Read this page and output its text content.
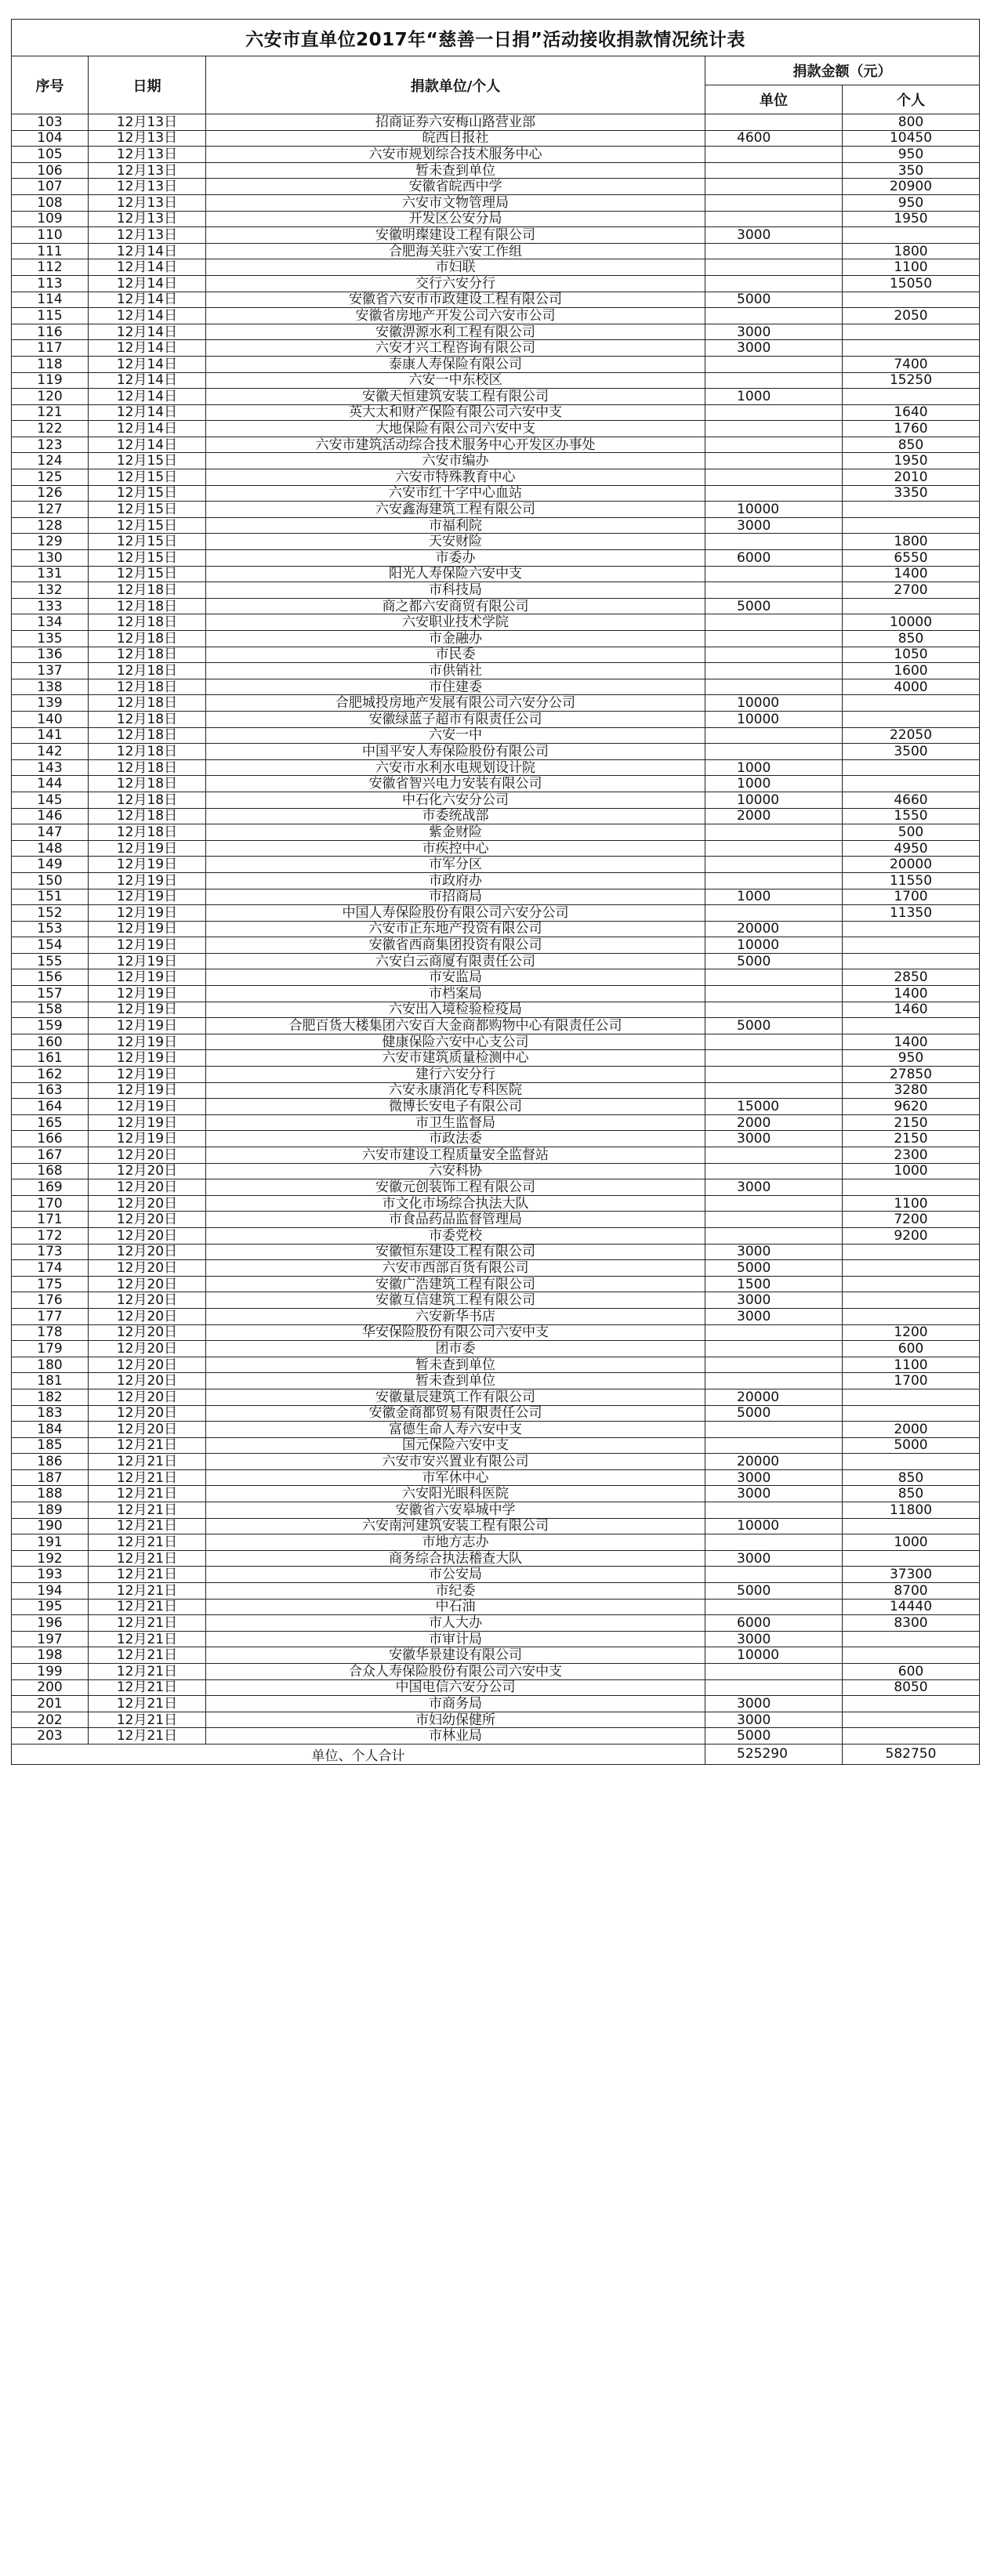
六安市直单位2017年“慈善一日捐”活动接收捐款情况统计表				
序号	日期	捐款单位/个人	捐款金额（元）	
			单位	个人
103	12月13日	招商证券六安梅山路营业部		800
104	12月13日	皖西日报社	4600	10450
105	12月13日	六安市规划综合技术服务中心		950
106	12月13日	暂未查到单位		350
107	12月13日	安徽省皖西中学		20900
108	12月13日	六安市文物管理局		950
109	12月13日	开发区公安分局		1950
110	12月13日	安徽明璨建设工程有限公司	3000	
111	12月14日	合肥海关驻六安工作组		1800
112	12月14日	市妇联		1100
113	12月14日	交行六安分行		15050
114	12月14日	安徽省六安市市政建设工程有限公司	5000	
115	12月14日	安徽省房地产开发公司六安市公司		2050
116	12月14日	安徽淠源水利工程有限公司	3000	
117	12月14日	六安才兴工程咨询有限公司	3000	
118	12月14日	泰康人寿保险有限公司		7400
119	12月14日	六安一中东校区		15250
120	12月14日	安徽天恒建筑安装工程有限公司	1000	
121	12月14日	英大太和财产保险有限公司六安中支		1640
122	12月14日	大地保险有限公司六安中支		1760
123	12月14日	六安市建筑活动综合技术服务中心开发区办事处		850
124	12月15日	六安市编办		1950
125	12月15日	六安市特殊教育中心		2010
126	12月15日	六安市红十字中心血站		3350
127	12月15日	六安鑫海建筑工程有限公司	10000	
128	12月15日	市福利院	3000	
129	12月15日	天安财险		1800
130	12月15日	市委办	6000	6550
131	12月15日	阳光人寿保险六安中支		1400
132	12月18日	市科技局		2700
133	12月18日	商之都六安商贸有限公司	5000	
134	12月18日	六安职业技术学院		10000
135	12月18日	市金融办		850
136	12月18日	市民委		1050
137	12月18日	市供销社		1600
138	12月18日	市住建委		4000
139	12月18日	合肥城投房地产发展有限公司六安分公司	10000	
140	12月18日	安徽绿蓝子超市有限责任公司	10000	
141	12月18日	六安一中		22050
142	12月18日	中国平安人寿保险股份有限公司		3500
143	12月18日	六安市水利水电规划设计院	1000	
144	12月18日	安徽省智兴电力安装有限公司	1000	
145	12月18日	中石化六安分公司	10000	4660
146	12月18日	市委统战部	2000	1550
147	12月18日	紫金财险		500
148	12月19日	市疾控中心		4950
149	12月19日	市军分区		20000
150	12月19日	市政府办		11550
151	12月19日	市招商局	1000	1700
152	12月19日	中国人寿保险股份有限公司六安分公司		11350
153	12月19日	六安市正东地产投资有限公司	20000	
154	12月19日	安徽省西商集团投资有限公司	10000	
155	12月19日	六安白云商厦有限责任公司	5000	
156	12月19日	市安监局		2850
157	12月19日	市档案局		1400
158	12月19日	六安出入境检验检疫局		1460
159	12月19日	合肥百货大楼集团六安百大金商都购物中心有限责任公司	5000	
160	12月19日	健康保险六安中心支公司		1400
161	12月19日	六安市建筑质量检测中心		950
162	12月19日	建行六安分行		27850
163	12月19日	六安永康消化专科医院		3280
164	12月19日	微博长安电子有限公司	15000	9620
165	12月19日	市卫生监督局	2000	2150
166	12月19日	市政法委	3000	2150
167	12月20日	六安市建设工程质量安全监督站		2300
168	12月20日	六安科协		1000
169	12月20日	安徽元创装饰工程有限公司	3000	
170	12月20日	市文化市场综合执法大队		1100
171	12月20日	市食品药品监督管理局		7200
172	12月20日	市委党校		9200
173	12月20日	安徽恒东建设工程有限公司	3000	
174	12月20日	六安市西部百货有限公司	5000	
175	12月20日	安徽广浩建筑工程有限公司	1500	
176	12月20日	安徽互信建筑工程有限公司	3000	
177	12月20日	六安新华书店	3000	
178	12月20日	华安保险股份有限公司六安中支		1200
179	12月20日	团市委		600
180	12月20日	暂未查到单位		1100
181	12月20日	暂未查到单位		1700
182	12月20日	安徽量辰建筑工作有限公司	20000	
183	12月20日	安徽金商都贸易有限责任公司	5000	
184	12月20日	富德生命人寿六安中支		2000
185	12月21日	国元保险六安中支		5000
186	12月21日	六安市安兴置业有限公司	20000	
187	12月21日	市军休中心	3000	850
188	12月21日	六安阳光眼科医院	3000	850
189	12月21日	安徽省六安皋城中学		11800
190	12月21日	六安南河建筑安装工程有限公司	10000	
191	12月21日	市地方志办		1000
192	12月21日	商务综合执法稽查大队	3000	
193	12月21日	市公安局		37300
194	12月21日	市纪委	5000	8700
195	12月21日	中石油		14440
196	12月21日	市人大办	6000	8300
197	12月21日	市审计局	3000	
198	12月21日	安徽华景建设有限公司	10000	
199	12月21日	合众人寿保险股份有限公司六安中支		600
200	12月21日	中国电信六安分公司		8050
201	12月21日	市商务局	3000	
202	12月21日	市妇幼保健所	3000	
203	12月21日	市林业局	5000	
单位、个人合计			525290	582750
